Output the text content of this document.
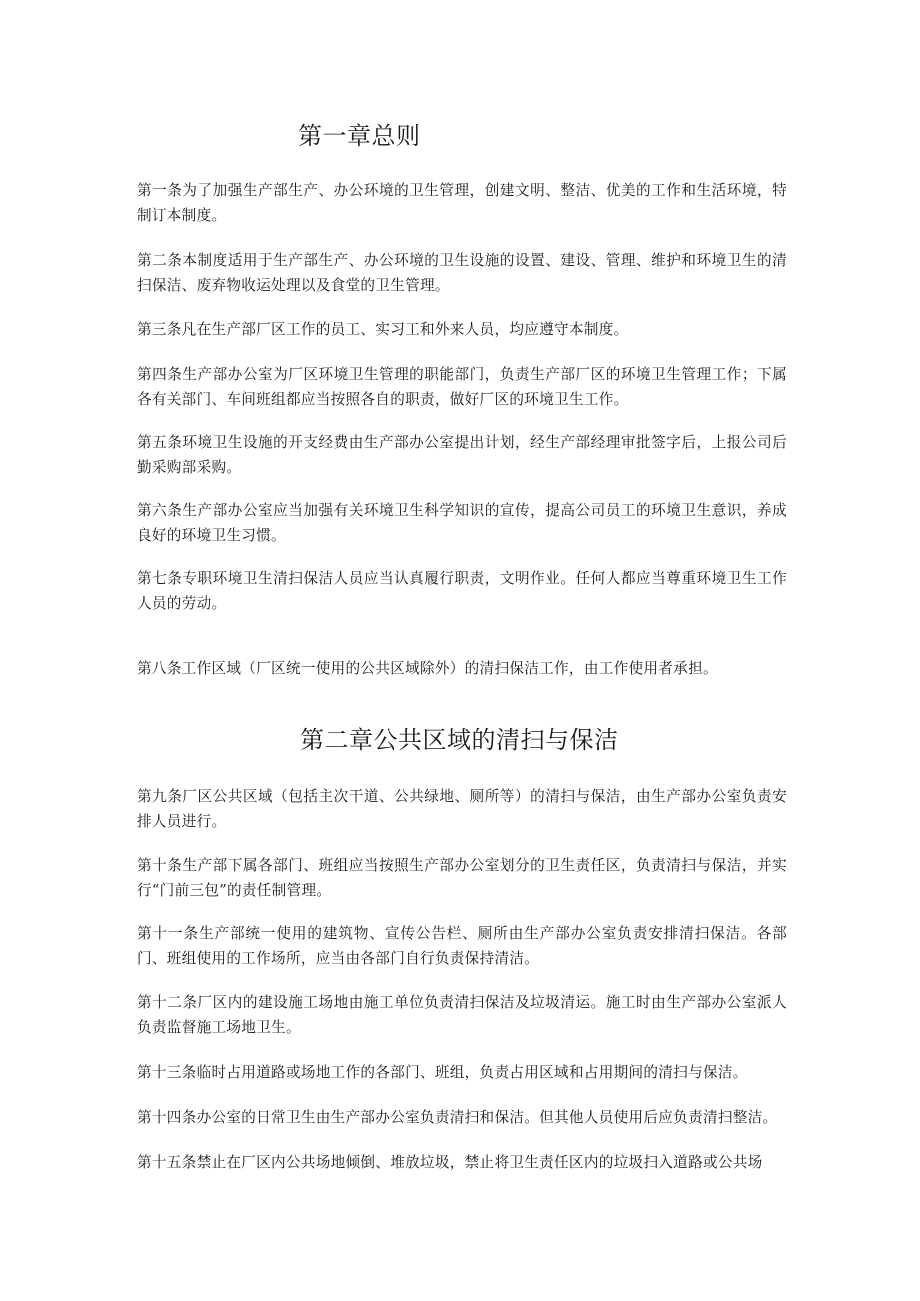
第一章总则

第一条为了加强生产部生产、办公环境的卫生管理，创建文明、整洁、优美的工作和生活环境，特制订本制度。

第二条本制度适用于生产部生产、办公环境的卫生设施的设置、建设、管理、维护和环境卫生的清扫保洁、废弃物收运处理以及食堂的卫生管理。

第三条凡在生产部厂区工作的员工、实习工和外来人员，均应遵守本制度。

第四条生产部办公室为厂区环境卫生管理的职能部门，负责生产部厂区的环境卫生管理工作；下属各有关部门、车间班组都应当按照各自的职责，做好厂区的环境卫生工作。

第五条环境卫生设施的开支经费由生产部办公室提出计划，经生产部经理审批签字后，上报公司后勤采购部采购。

第六条生产部办公室应当加强有关环境卫生科学知识的宣传，提高公司员工的环境卫生意识，养成良好的环境卫生习惯。

第七条专职环境卫生清扫保洁人员应当认真履行职责，文明作业。任何人都应当尊重环境卫生工作人员的劳动。

第八条工作区域（厂区统一使用的公共区域除外）的清扫保洁工作，由工作使用者承担。

第二章公共区域的清扫与保洁

第九条厂区公共区域（包括主次干道、公共绿地、厕所等）的清扫与保洁，由生产部办公室负责安排人员进行。

第十条生产部下属各部门、班组应当按照生产部办公室划分的卫生责任区，负责清扫与保洁，并实行“门前三包”的责任制管理。

第十一条生产部统一使用的建筑物、宣传公告栏、厕所由生产部办公室负责安排清扫保洁。各部门、班组使用的工作场所，应当由各部门自行负责保持清洁。

第十二条厂区内的建设施工场地由施工单位负责清扫保洁及垃圾清运。施工时由生产部办公室派人负责监督施工场地卫生。

第十三条临时占用道路或场地工作的各部门、班组，负责占用区域和占用期间的清扫与保洁。

第十四条办公室的日常卫生由生产部办公室负责清扫和保洁。但其他人员使用后应负责清扫整洁。

第十五条禁止在厂区内公共场地倾倒、堆放垃圾，禁止将卫生责任区内的垃圾扫入道路或公共场
